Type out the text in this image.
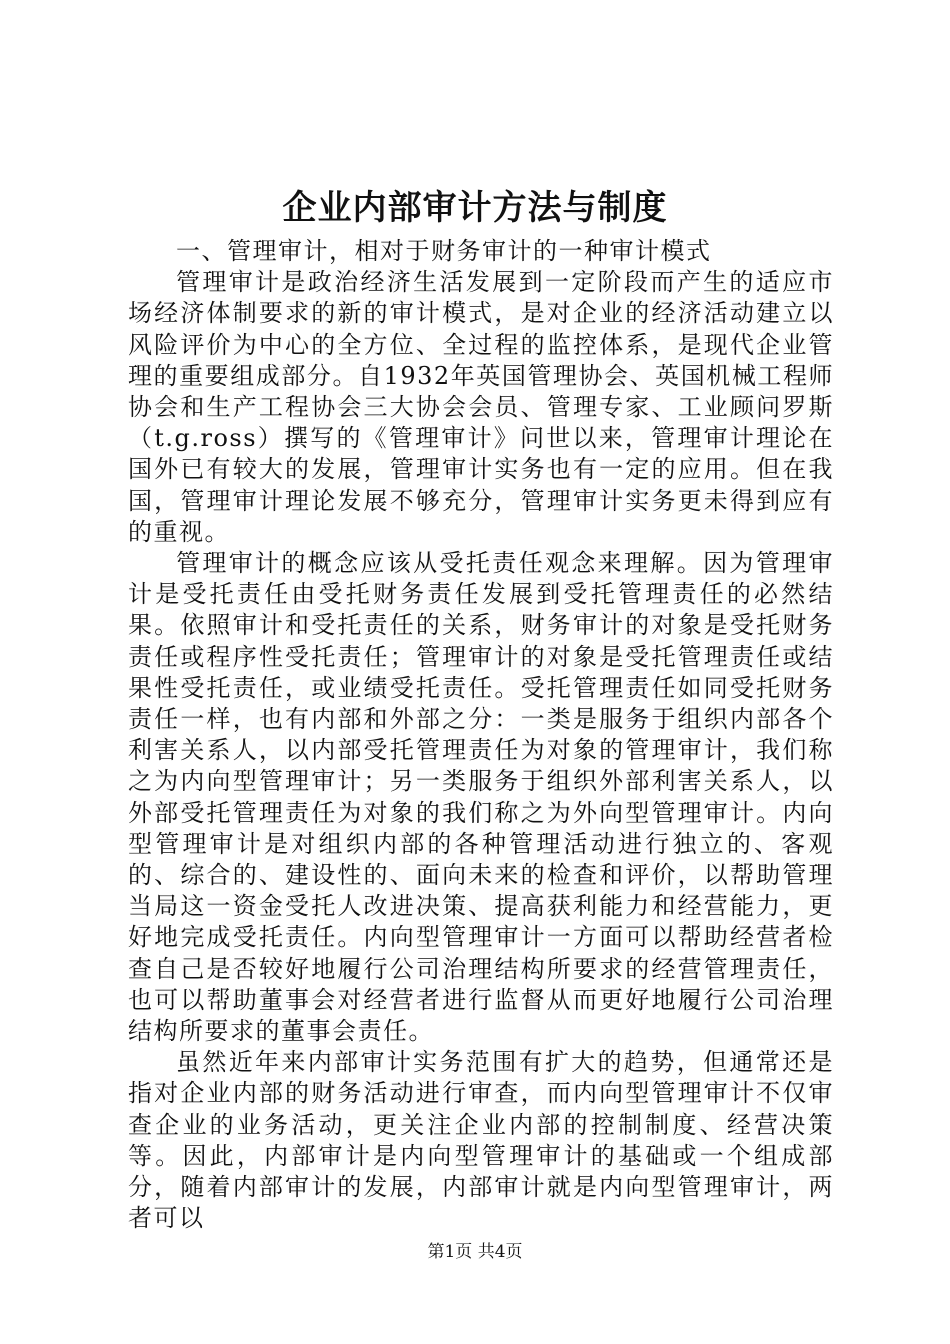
企业内部审计方法与制度

一、管理审计，相对于财务审计的一种审计模式

管理审计是政治经济生活发展到一定阶段而产生的适应市场经济体制要求的新的审计模式，是对企业的经济活动建立以风险评价为中心的全方位、全过程的监控体系，是现代企业管理的重要组成部分。自1932年英国管理协会、英国机械工程师协会和生产工程协会三大协会会员、管理专家、工业顾问罗斯（t.g.ross）撰写的《管理审计》问世以来，管理审计理论在国外已有较大的发展，管理审计实务也有一定的应用。但在我国，管理审计理论发展不够充分，管理审计实务更未得到应有的重视。

管理审计的概念应该从受托责任观念来理解。因为管理审计是受托责任由受托财务责任发展到受托管理责任的必然结果。依照审计和受托责任的关系，财务审计的对象是受托财务责任或程序性受托责任；管理审计的对象是受托管理责任或结果性受托责任，或业绩受托责任。受托管理责任如同受托财务责任一样，也有内部和外部之分：一类是服务于组织内部各个利害关系人，以内部受托管理责任为对象的管理审计，我们称之为内向型管理审计；另一类服务于组织外部利害关系人，以外部受托管理责任为对象的我们称之为外向型管理审计。内向型管理审计是对组织内部的各种管理活动进行独立的、客观的、综合的、建设性的、面向未来的检查和评价，以帮助管理当局这一资金受托人改进决策、提高获利能力和经营能力，更好地完成受托责任。内向型管理审计一方面可以帮助经营者检查自己是否较好地履行公司治理结构所要求的经营管理责任，也可以帮助董事会对经营者进行监督从而更好地履行公司治理结构所要求的董事会责任。

虽然近年来内部审计实务范围有扩大的趋势，但通常还是指对企业内部的财务活动进行审查，而内向型管理审计不仅审查企业的业务活动，更关注企业内部的控制制度、经营决策等。因此，内部审计是内向型管理审计的基础或一个组成部分，随着内部审计的发展，内部审计就是内向型管理审计，两者可以

第1页 共4页
